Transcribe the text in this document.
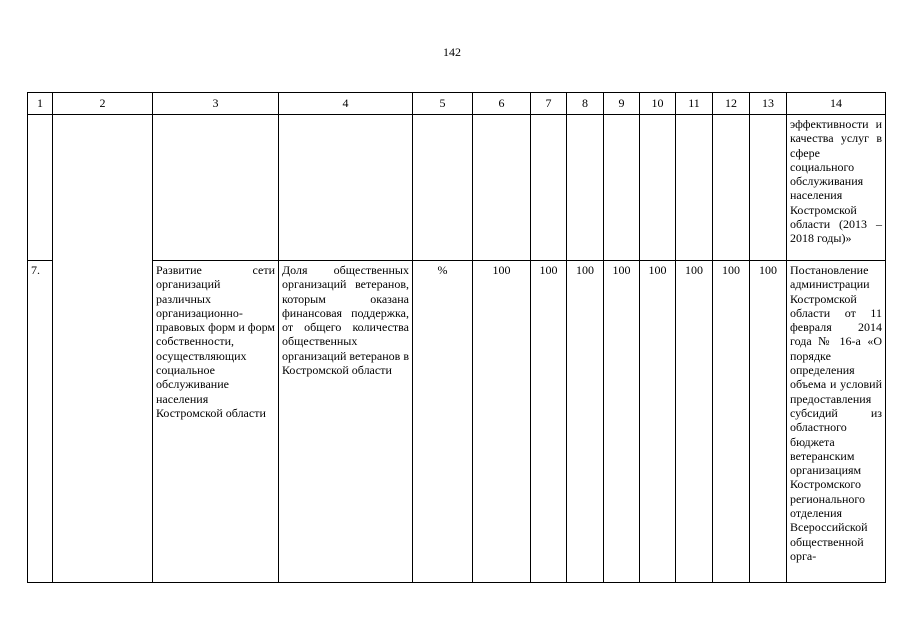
142
1	2	3	4	5	6	7	8	9	10	11	12	13	14
													эффективности и качества услуг в сфере социального обслуживания населения Костромской области (2013 – 2018 годы)»
7.		Развитие сети организаций различных организационно-правовых форм и форм собственности, осуществляющих социальное обслуживание населения Костромской области	Доля общественных организаций ветеранов, которым оказана финансовая поддержка, от общего количества общественных организаций ветеранов в Костромской области	%	100	100	100	100	100	100	100	100	Постановление администрации Костромской области от 11 февраля 2014 года № 16-а «О порядке определения объема и условий предоставления субсидий из областного бюджета ветеранским организациям Костромского регионального отделения Всероссийской общественной орга-
